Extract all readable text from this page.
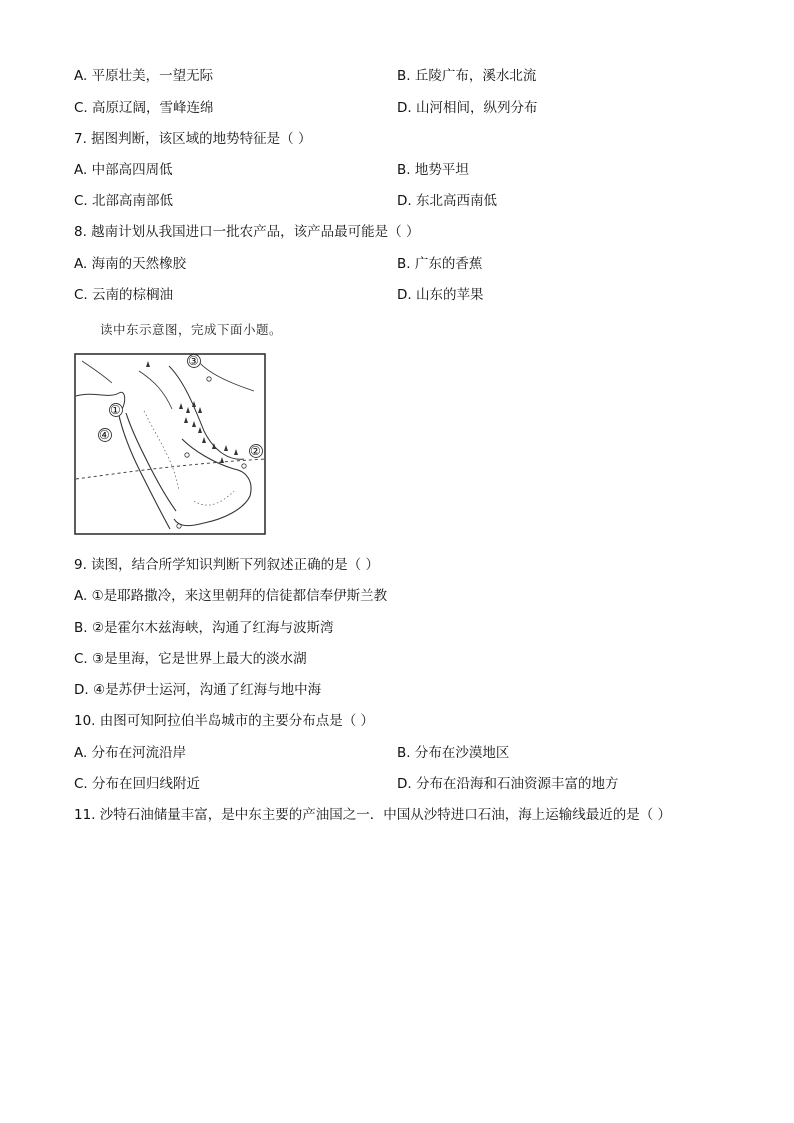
A. 平原壮美，一望无际	B. 丘陵广布，溪水北流
C. 高原辽阔，雪峰连绵	D. 山河相间，纵列分布
7. 据图判断，该区域的地势特征是（ ）
A. 中部高四周低	B. 地势平坦
C. 北部高南部低	D. 东北高西南低
8. 越南计划从我国进口一批农产品，该产品最可能是（ ）
A. 海南的天然橡胶	B. 广东的香蕉
C. 云南的棕榈油	D. 山东的苹果
读中东示意图，完成下面小题。
③
①
④
②
9. 读图，结合所学知识判断下列叙述正确的是（ ）
A. ①是耶路撒冷，来这里朝拜的信徒都信奉伊斯兰教
B. ②是霍尔木兹海峡，沟通了红海与波斯湾
C. ③是里海，它是世界上最大的淡水湖
D. ④是苏伊士运河，沟通了红海与地中海
10. 由图可知阿拉伯半岛城市的主要分布点是（ ）
A. 分布在河流沿岸	B. 分布在沙漠地区
C. 分布在回归线附近	D. 分布在沿海和石油资源丰富的地方
11. 沙特石油储量丰富，是中东主要的产油国之一．中国从沙特进口石油，海上运输线最近的是（ ）
